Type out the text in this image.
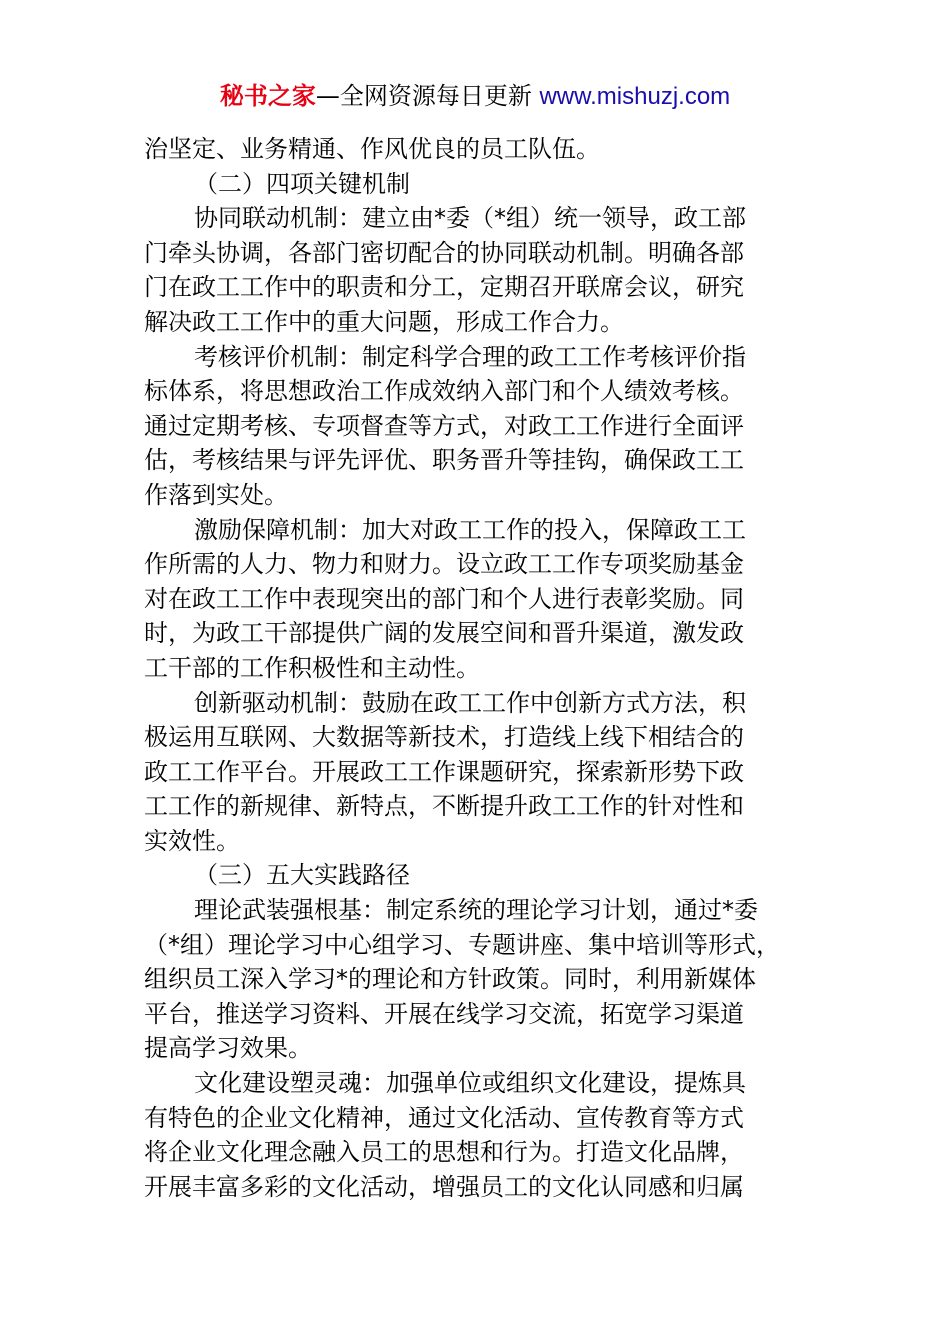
秘书之家—全网资源每日更新 www.mishuzj.com
治坚定、业务精通、作风优良的员工队伍。
（二）四项关键机制
协同联动机制：建立由*委（*组）统一领导，政工部
门牵头协调，各部门密切配合的协同联动机制。明确各部
门在政工工作中的职责和分工，定期召开联席会议，研究
解决政工工作中的重大问题，形成工作合力。
考核评价机制：制定科学合理的政工工作考核评价指
标体系，将思想政治工作成效纳入部门和个人绩效考核。
通过定期考核、专项督查等方式，对政工工作进行全面评
估，考核结果与评先评优、职务晋升等挂钩，确保政工工
作落到实处。
激励保障机制：加大对政工工作的投入，保障政工工
作所需的人力、物力和财力。设立政工工作专项奖励基金
对在政工工作中表现突出的部门和个人进行表彰奖励。同
时，为政工干部提供广阔的发展空间和晋升渠道，激发政
工干部的工作积极性和主动性。
创新驱动机制：鼓励在政工工作中创新方式方法，积
极运用互联网、大数据等新技术，打造线上线下相结合的
政工工作平台。开展政工工作课题研究，探索新形势下政
工工作的新规律、新特点，不断提升政工工作的针对性和
实效性。
（三）五大实践路径
理论武装强根基：制定系统的理论学习计划，通过*委
（*组）理论学习中心组学习、专题讲座、集中培训等形式，
组织员工深入学习*的理论和方针政策。同时，利用新媒体
平台，推送学习资料、开展在线学习交流，拓宽学习渠道
提高学习效果。
文化建设塑灵魂：加强单位或组织文化建设，提炼具
有特色的企业文化精神，通过文化活动、宣传教育等方式
将企业文化理念融入员工的思想和行为。打造文化品牌，
开展丰富多彩的文化活动，增强员工的文化认同感和归属
